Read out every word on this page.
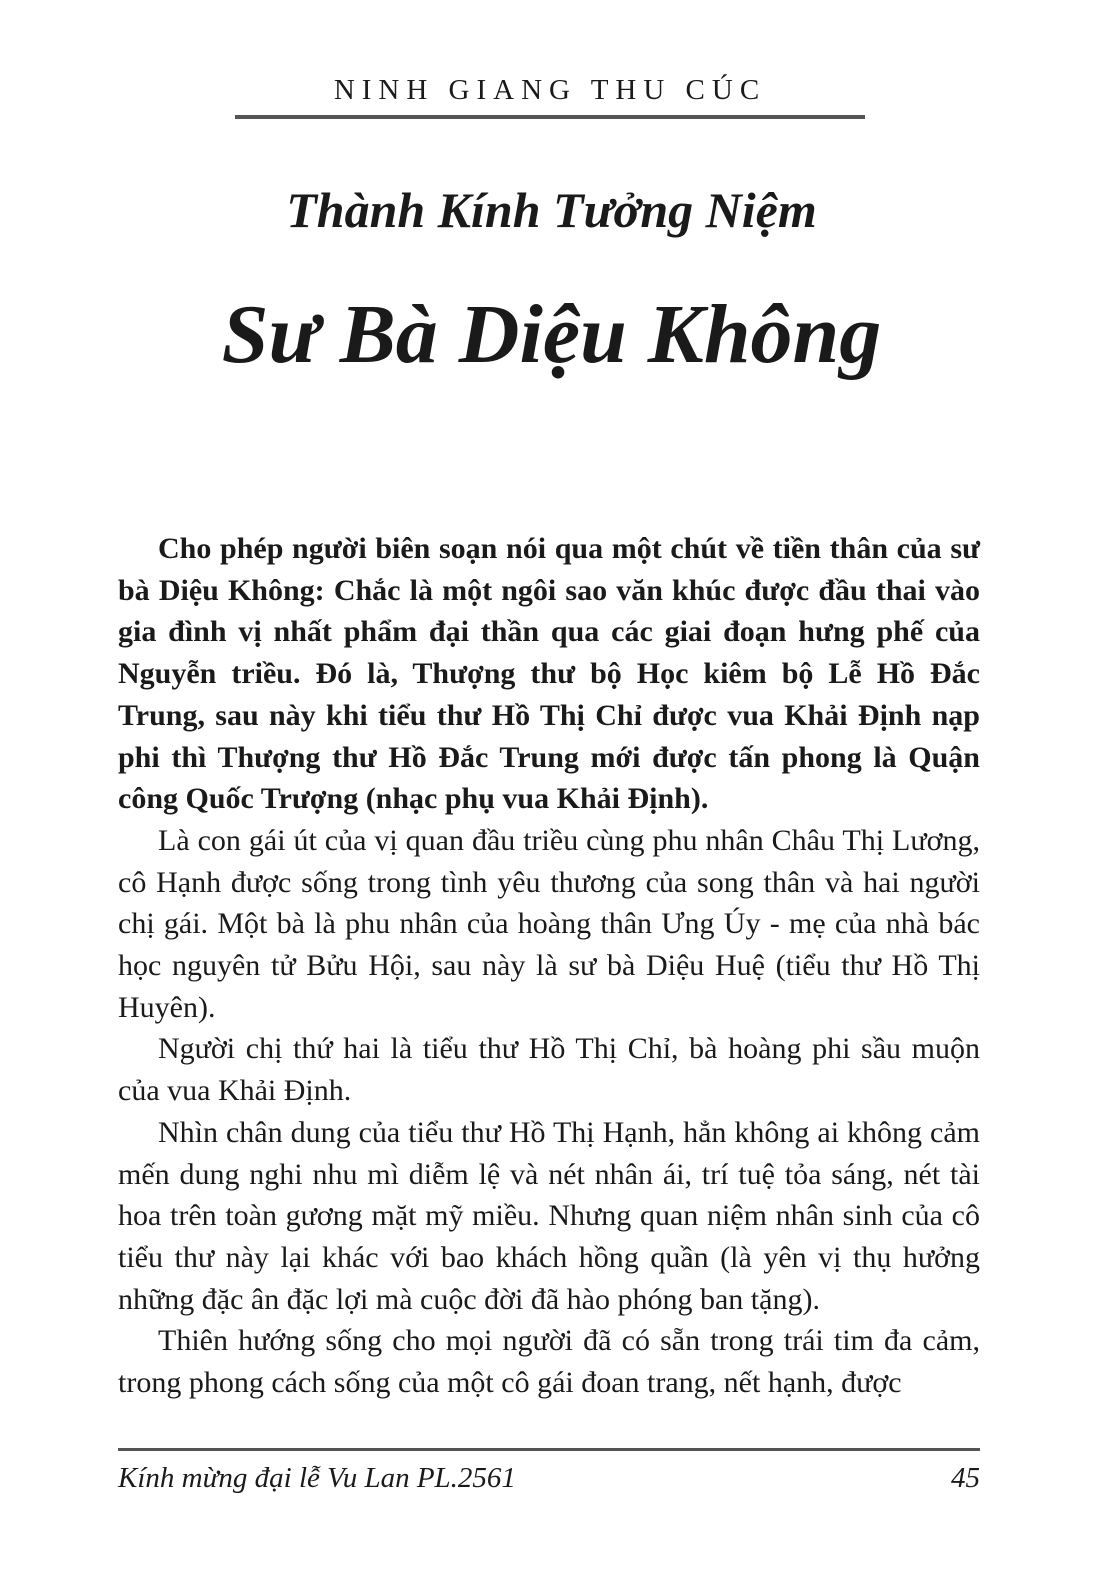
NINH GIANG THU CÚC
Thành Kính Tưởng Niệm
Sư Bà Diệu Không

Cho phép người biên soạn nói qua một chút về tiền thân của sư bà Diệu Không: Chắc là một ngôi sao văn khúc được đầu thai vào gia đình vị nhất phẩm đại thần qua các giai đoạn hưng phế của Nguyễn triều. Đó là, Thượng thư bộ Học kiêm bộ Lễ Hồ Đắc Trung, sau này khi tiểu thư Hồ Thị Chỉ được vua Khải Định nạp phi thì Thượng thư Hồ Đắc Trung mới được tấn phong là Quận công Quốc Trượng (nhạc phụ vua Khải Định).

Là con gái út của vị quan đầu triều cùng phu nhân Châu Thị Lương, cô Hạnh được sống trong tình yêu thương của song thân và hai người chị gái. Một bà là phu nhân của hoàng thân Ưng Úy - mẹ của nhà bác học nguyên tử Bửu Hội, sau này là sư bà Diệu Huệ (tiểu thư Hồ Thị Huyên).

Người chị thứ hai là tiểu thư Hồ Thị Chỉ, bà hoàng phi sầu muộn của vua Khải Định.

Nhìn chân dung của tiểu thư Hồ Thị Hạnh, hẳn không ai không cảm mến dung nghi nhu mì diễm lệ và nét nhân ái, trí tuệ tỏa sáng, nét tài hoa trên toàn gương mặt mỹ miều. Nhưng quan niệm nhân sinh của cô tiểu thư này lại khác với bao khách hồng quần (là yên vị thụ hưởng những đặc ân đặc lợi mà cuộc đời đã hào phóng ban tặng).

Thiên hướng sống cho mọi người đã có sẵn trong trái tim đa cảm, trong phong cách sống của một cô gái đoan trang, nết hạnh, được

Kính mừng đại lễ Vu Lan PL.2561	45
